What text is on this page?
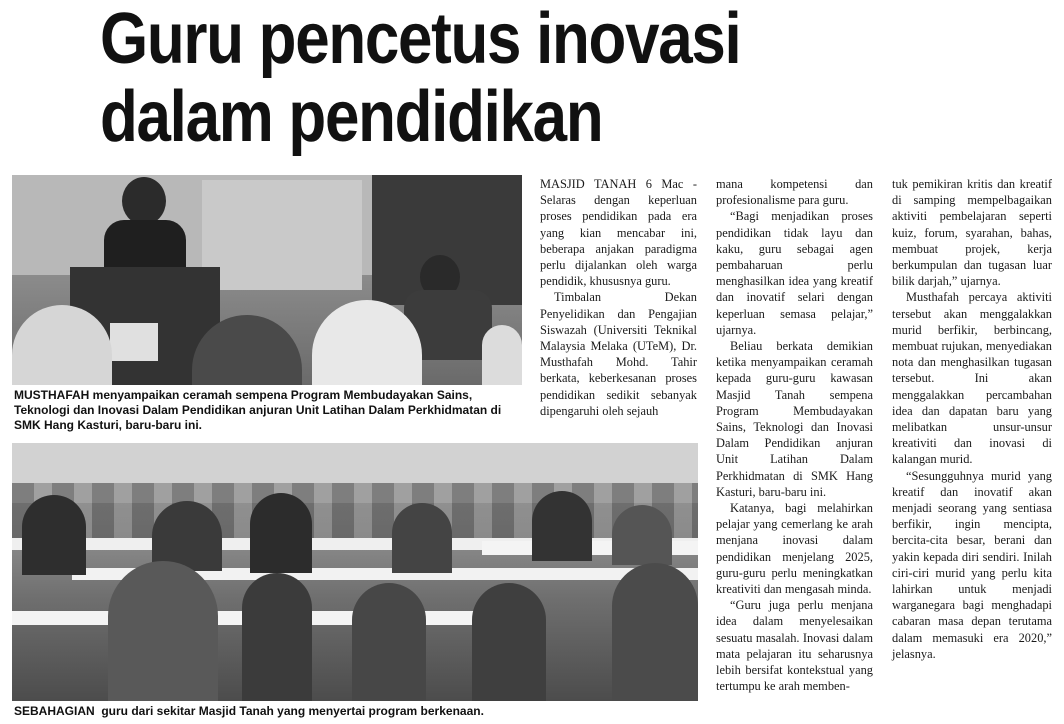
Guru pencetus inovasi
dalam pendidikan

MUSTHAFAH menyampaikan ceramah sempena Program Membudayakan Sains, Teknologi dan Inovasi Dalam Pendidikan anjuran Unit Latihan Dalam Perkhidmatan di SMK Hang Kasturi, baru-baru ini.

SEBAHAGIAN guru dari sekitar Masjid Tanah yang menyertai program berkenaan.

MASJID TANAH 6 Mac - Selaras dengan keperluan proses pendidikan pada era yang kian mencabar ini, beberapa anjakan paradigma perlu dijalankan oleh warga pendidik, khususnya guru.

Timbalan Dekan Penyelidikan dan Pengajian Siswazah (Universiti Teknikal Malaysia Melaka (UTeM), Dr. Musthafah Mohd. Tahir berkata, keberkesanan proses pendidikan sedikit sebanyak dipengaruhi oleh sejauh

mana kompetensi dan profesionalisme para guru.

“Bagi menjadikan proses pendidikan tidak layu dan kaku, guru sebagai agen pembaharuan perlu menghasilkan idea yang kreatif dan inovatif selari dengan keperluan semasa pelajar,” ujarnya.

Beliau berkata demikian ketika menyampaikan ceramah kepada guru-guru kawasan Masjid Tanah sempena Program Membudayakan Sains, Teknologi dan Inovasi Dalam Pendidikan anjuran Unit Latihan Dalam Perkhidmatan di SMK Hang Kasturi, baru-baru ini.

Katanya, bagi melahirkan pelajar yang cemerlang ke arah menjana inovasi dalam pendidikan menjelang 2025, guru-guru perlu meningkatkan kreativiti dan mengasah minda.

“Guru juga perlu menjana idea dalam menyelesaikan sesuatu masalah. Inovasi dalam mata pelajaran itu seharusnya lebih bersifat kontekstual yang tertumpu ke arah memben-

tuk pemikiran kritis dan kreatif di samping mempelbagaikan aktiviti pembelajaran seperti kuiz, forum, syarahan, bahas, membuat projek, kerja berkumpulan dan tugasan luar bilik darjah,” ujarnya.

Musthafah percaya aktiviti tersebut akan menggalakkan murid berfikir, berbincang, membuat rujukan, menyediakan nota dan menghasilkan tugasan tersebut. Ini akan menggalakkan percambahan idea dan dapatan baru yang melibatkan unsur-unsur kreativiti dan inovasi di kalangan murid.

“Sesungguhnya murid yang kreatif dan inovatif akan menjadi seorang yang sentiasa berfikir, ingin mencipta, bercita-cita besar, berani dan yakin kepada diri sendiri. Inilah ciri-ciri murid yang perlu kita lahirkan untuk menjadi warganegara bagi menghadapi cabaran masa depan terutama dalam memasuki era 2020,” jelasnya.
